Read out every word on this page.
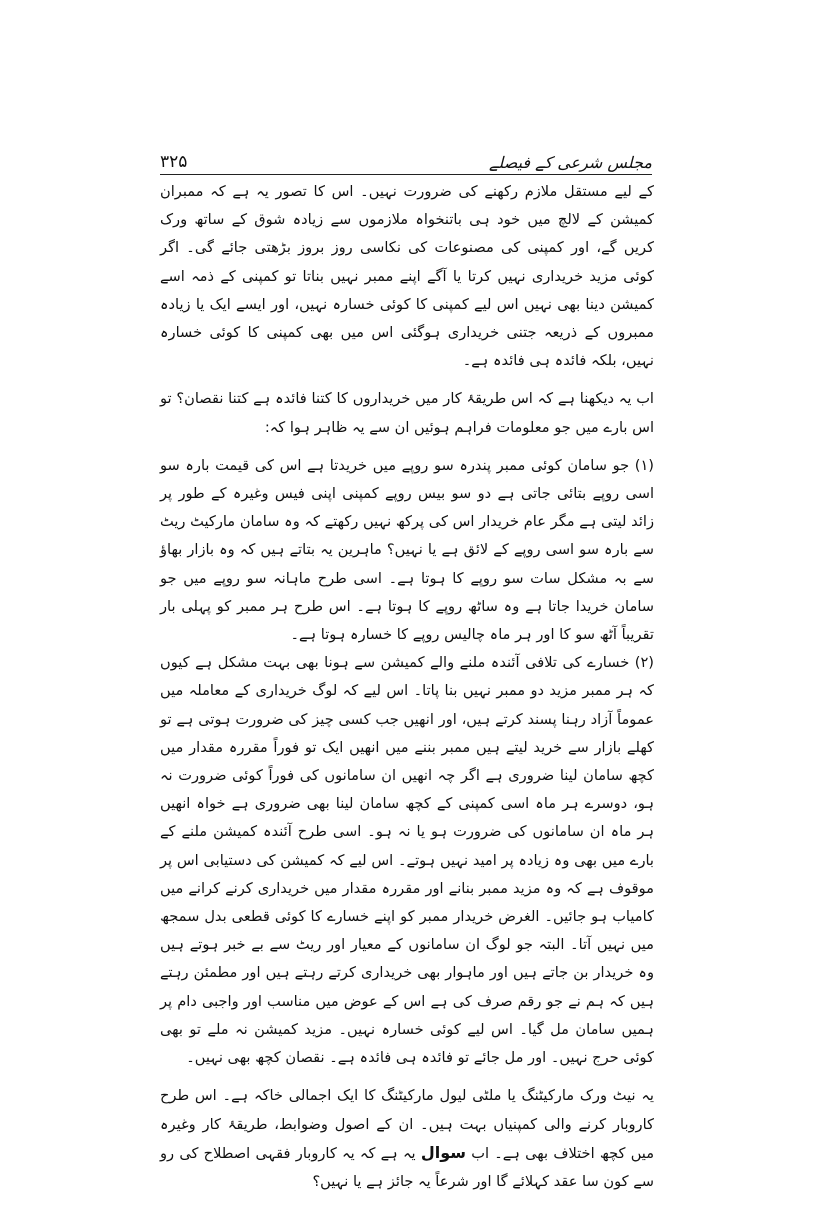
۳۲۵	مجلس شرعی کے فیصلے

کے لیے مستقل ملازم رکھنے کی ضرورت نہیں۔ اس کا تصور یہ ہے کہ ممبران کمیشن کے لالچ میں خود ہی باتنخواہ ملازموں سے زیادہ شوق کے ساتھ ورک کریں گے، اور کمپنی کی مصنوعات کی نکاسی روز بروز بڑھتی جائے گی۔ اگر کوئی مزید خریداری نہیں کرتا یا آگے اپنے ممبر نہیں بناتا تو کمپنی کے ذمہ اسے کمیشن دینا بھی نہیں اس لیے کمپنی کا کوئی خسارہ نہیں، اور ایسے ایک یا زیادہ ممبروں کے ذریعہ جتنی خریداری ہوگئی اس میں بھی کمپنی کا کوئی خسارہ نہیں، بلکہ فائدہ ہی فائدہ ہے۔

اب یہ دیکھنا ہے کہ اس طریقۂ کار میں خریداروں کا کتنا فائدہ ہے کتنا نقصان؟ تو اس بارے میں جو معلومات فراہم ہوئیں ان سے یہ ظاہر ہوا کہ:

(۱) جو سامان کوئی ممبر پندرہ سو روپے میں خریدتا ہے اس کی قیمت بارہ سو اسی روپے بتائی جاتی ہے دو سو بیس روپے کمپنی اپنی فیس وغیرہ کے طور پر زائد لیتی ہے مگر عام خریدار اس کی پرکھ نہیں رکھتے کہ وہ سامان مارکیٹ ریٹ سے بارہ سو اسی روپے کے لائق ہے یا نہیں؟ ماہرین یہ بتاتے ہیں کہ وہ بازار بھاؤ سے بہ مشکل سات سو روپے کا ہوتا ہے۔ اسی طرح ماہانہ سو روپے میں جو سامان خریدا جاتا ہے وہ ساٹھ روپے کا ہوتا ہے۔ اس طرح ہر ممبر کو پہلی بار تقریباً آٹھ سو کا اور ہر ماہ چالیس روپے کا خسارہ ہوتا ہے۔

(۲) خسارے کی تلافی آئندہ ملنے والے کمیشن سے ہونا بھی بہت مشکل ہے کیوں کہ ہر ممبر مزید دو ممبر نہیں بنا پاتا۔ اس لیے کہ لوگ خریداری کے معاملہ میں عموماً آزاد رہنا پسند کرتے ہیں، اور انھیں جب کسی چیز کی ضرورت ہوتی ہے تو کھلے بازار سے خرید لیتے ہیں ممبر بننے میں انھیں ایک تو فوراً مقررہ مقدار میں کچھ سامان لینا ضروری ہے اگر چہ انھیں ان سامانوں کی فوراً کوئی ضرورت نہ ہو، دوسرے ہر ماہ اسی کمپنی کے کچھ سامان لینا بھی ضروری ہے خواہ انھیں ہر ماہ ان سامانوں کی ضرورت ہو یا نہ ہو۔ اسی طرح آئندہ کمیشن ملنے کے بارے میں بھی وہ زیادہ پر امید نہیں ہوتے۔ اس لیے کہ کمیشن کی دستیابی اس پر موقوف ہے کہ وہ مزید ممبر بنانے اور مقررہ مقدار میں خریداری کرنے کرانے میں کامیاب ہو جائیں۔ الغرض خریدار ممبر کو اپنے خسارے کا کوئی قطعی بدل سمجھ میں نہیں آتا۔ البتہ جو لوگ ان سامانوں کے معیار اور ریٹ سے بے خبر ہوتے ہیں وہ خریدار بن جاتے ہیں اور ماہوار بھی خریداری کرتے رہتے ہیں اور مطمئن رہتے ہیں کہ ہم نے جو رقم صرف کی ہے اس کے عوض میں مناسب اور واجبی دام پر ہمیں سامان مل گیا۔ اس لیے کوئی خسارہ نہیں۔ مزید کمیشن نہ ملے تو بھی کوئی حرج نہیں۔ اور مل جائے تو فائدہ ہی فائدہ ہے۔ نقصان کچھ بھی نہیں۔

یہ نیٹ ورک مارکیٹنگ یا ملٹی لیول مارکیٹنگ کا ایک اجمالی خاکہ ہے۔ اس طرح کاروبار کرنے والی کمپنیاں بہت ہیں۔ ان کے اصول وضوابط، طریقۂ کار وغیرہ میں کچھ اختلاف بھی ہے۔ اب سوال یہ ہے کہ یہ کاروبار فقہی اصطلاح کی رو سے کون سا عقد کہلائے گا اور شرعاً یہ جائز ہے یا نہیں؟
